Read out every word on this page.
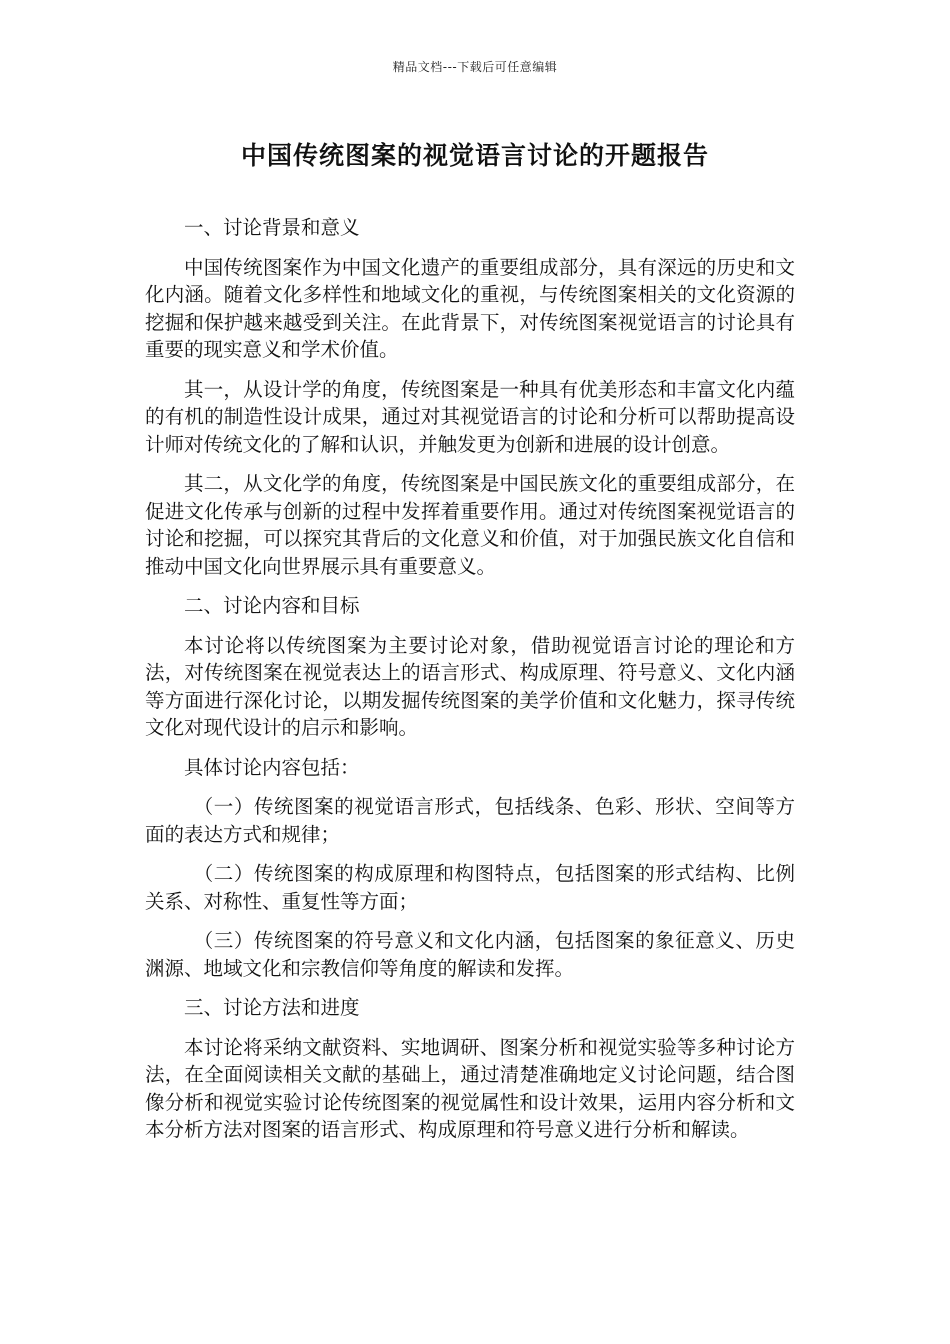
精品文档---下载后可任意编辑
中国传统图案的视觉语言讨论的开题报告

一、讨论背景和意义

中国传统图案作为中国文化遗产的重要组成部分，具有深远的历史和文化内涵。随着文化多样性和地域文化的重视，与传统图案相关的文化资源的挖掘和保护越来越受到关注。在此背景下，对传统图案视觉语言的讨论具有重要的现实意义和学术价值。

其一，从设计学的角度，传统图案是一种具有优美形态和丰富文化内蕴的有机的制造性设计成果，通过对其视觉语言的讨论和分析可以帮助提高设计师对传统文化的了解和认识，并触发更为创新和进展的设计创意。

其二，从文化学的角度，传统图案是中国民族文化的重要组成部分，在促进文化传承与创新的过程中发挥着重要作用。通过对传统图案视觉语言的讨论和挖掘，可以探究其背后的文化意义和价值，对于加强民族文化自信和推动中国文化向世界展示具有重要意义。

二、讨论内容和目标

本讨论将以传统图案为主要讨论对象，借助视觉语言讨论的理论和方法，对传统图案在视觉表达上的语言形式、构成原理、符号意义、文化内涵等方面进行深化讨论，以期发掘传统图案的美学价值和文化魅力，探寻传统文化对现代设计的启示和影响。

具体讨论内容包括：

（一）传统图案的视觉语言形式，包括线条、色彩、形状、空间等方面的表达方式和规律；

（二）传统图案的构成原理和构图特点，包括图案的形式结构、比例关系、对称性、重复性等方面；

（三）传统图案的符号意义和文化内涵，包括图案的象征意义、历史渊源、地域文化和宗教信仰等角度的解读和发挥。

三、讨论方法和进度

本讨论将采纳文献资料、实地调研、图案分析和视觉实验等多种讨论方法，在全面阅读相关文献的基础上，通过清楚准确地定义讨论问题，结合图像分析和视觉实验讨论传统图案的视觉属性和设计效果，运用内容分析和文本分析方法对图案的语言形式、构成原理和符号意义进行分析和解读。
